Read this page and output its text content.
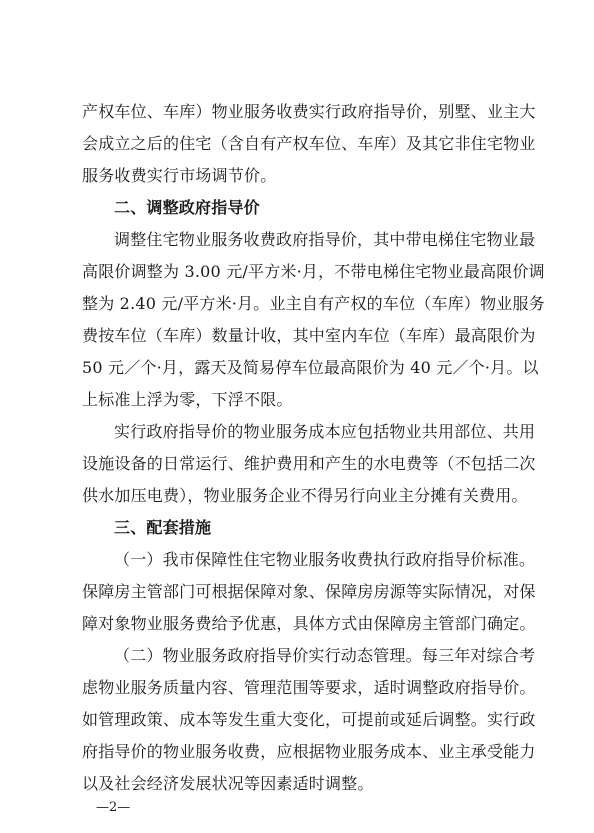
产权车位、车库）物业服务收费实行政府指导价，别墅、业主大
会成立之后的住宅（含自有产权车位、车库）及其它非住宅物业
服务收费实行市场调节价。
二、调整政府指导价
调整住宅物业服务收费政府指导价，其中带电梯住宅物业最
高限价调整为 3.00 元/平方米·月，不带电梯住宅物业最高限价调
整为 2.40 元/平方米·月。业主自有产权的车位（车库）物业服务
费按车位（车库）数量计收，其中室内车位（车库）最高限价为
50 元／个·月，露天及简易停车位最高限价为 40 元／个·月。以
上标准上浮为零，下浮不限。
实行政府指导价的物业服务成本应包括物业共用部位、共用
设施设备的日常运行、维护费用和产生的水电费等（不包括二次
供水加压电费），物业服务企业不得另行向业主分摊有关费用。
三、配套措施
（一）我市保障性住宅物业服务收费执行政府指导价标准。
保障房主管部门可根据保障对象、保障房房源等实际情况，对保
障对象物业服务费给予优惠，具体方式由保障房主管部门确定。
（二）物业服务政府指导价实行动态管理。每三年对综合考
虑物业服务质量内容、管理范围等要求，适时调整政府指导价。
如管理政策、成本等发生重大变化，可提前或延后调整。实行政
府指导价的物业服务收费，应根据物业服务成本、业主承受能力
以及社会经济发展状况等因素适时调整。
—2—
